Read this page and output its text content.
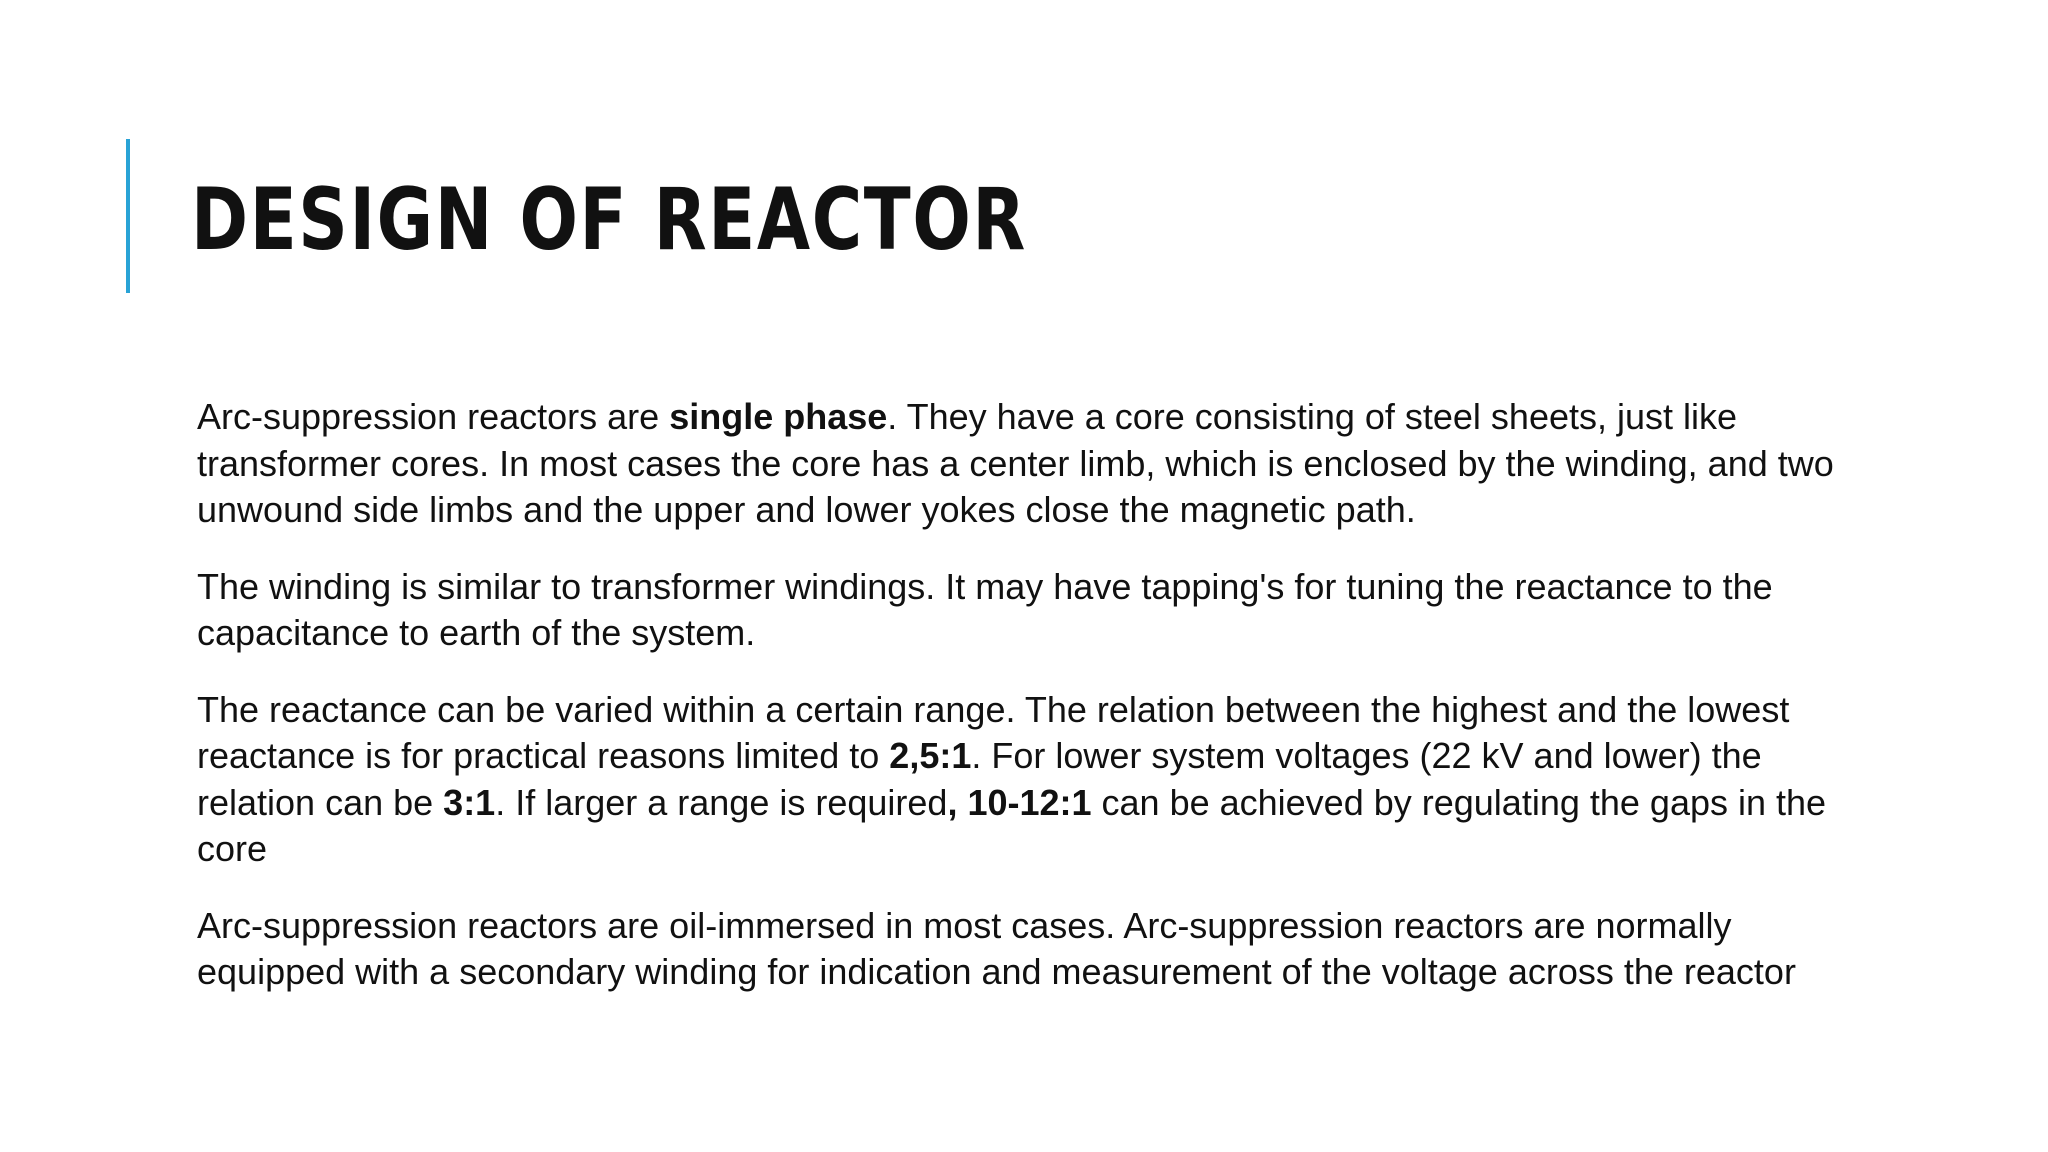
DESIGN OF REACTOR

Arc-suppression reactors are single phase. They have a core consisting of steel sheets, just like transformer cores. In most cases the core has a center limb, which is enclosed by the winding, and two unwound side limbs and the upper and lower yokes close the magnetic path.

The winding is similar to transformer windings. It may have tapping's for tuning the reactance to the capacitance to earth of the system.

The reactance can be varied within a certain range. The relation between the highest and the lowest reactance is for practical reasons limited to 2,5:1. For lower system voltages (22 kV and lower) the relation can be 3:1. If larger a range is required, 10-12:1 can be achieved by regulating the gaps in the core

Arc-suppression reactors are oil-immersed in most cases. Arc-suppression reactors are normally equipped with a secondary winding for indication and measurement of the voltage across the reactor
